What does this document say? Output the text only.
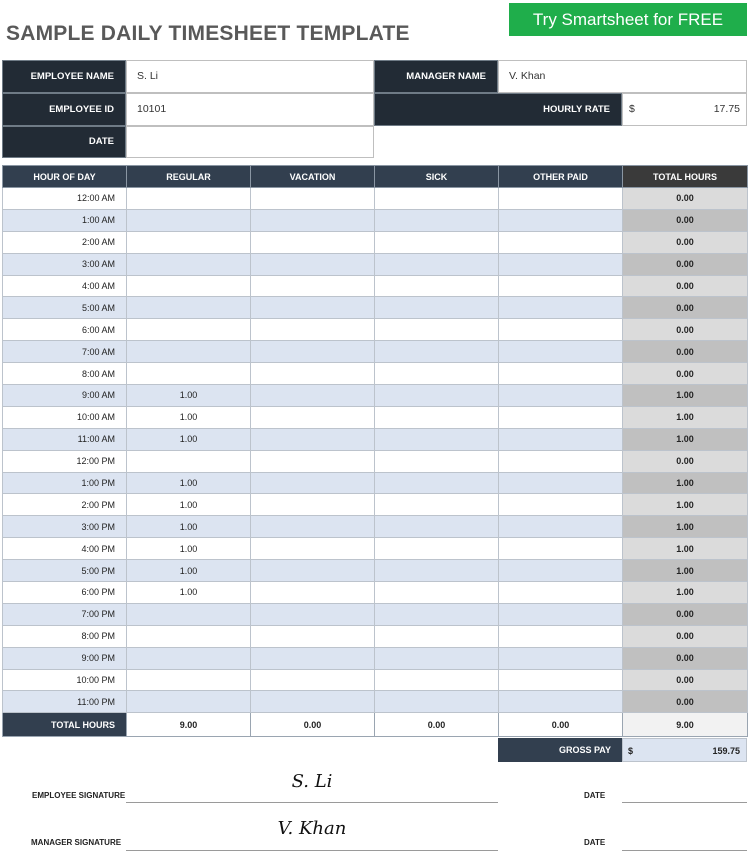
SAMPLE DAILY TIMESHEET TEMPLATE
Try Smartsheet for FREE
EMPLOYEE NAME	S. Li
EMPLOYEE ID	10101
DATE
MANAGER NAME	V. Khan
HOURLY RATE	$	17.75
HOUR OF DAY	REGULAR	VACATION	SICK	OTHER PAID	TOTAL HOURS
12:00 AM					0.00
1:00 AM					0.00
2:00 AM					0.00
3:00 AM					0.00
4:00 AM					0.00
5:00 AM					0.00
6:00 AM					0.00
7:00 AM					0.00
8:00 AM					0.00
9:00 AM	1.00				1.00
10:00 AM	1.00				1.00
11:00 AM	1.00				1.00
12:00 PM					0.00
1:00 PM	1.00				1.00
2:00 PM	1.00				1.00
3:00 PM	1.00				1.00
4:00 PM	1.00				1.00
5:00 PM	1.00				1.00
6:00 PM	1.00				1.00
7:00 PM					0.00
8:00 PM					0.00
9:00 PM					0.00
10:00 PM					0.00
11:00 PM					0.00
TOTAL HOURS	9.00	0.00	0.00	0.00	9.00
GROSS PAY	$	159.75
EMPLOYEE SIGNATURE
S. Li
DATE
MANAGER SIGNATURE
V. Khan
DATE
